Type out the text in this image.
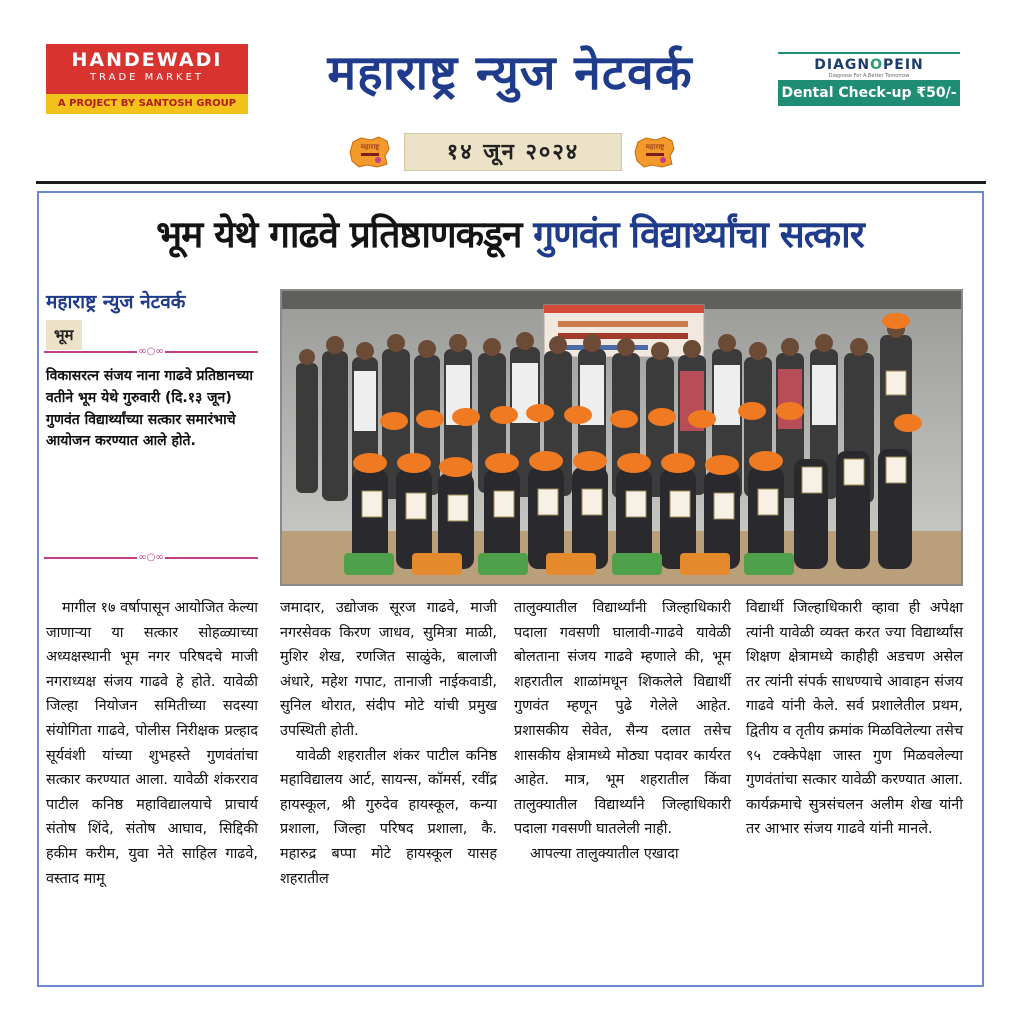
HANDEWADI
TRADE MARKET
A PROJECT BY SANTOSH GROUP
महाराष्ट्र न्युज नेटवर्क	DIAGNOPEIN
Diagnose For A Better Tomorrow
Dental Check-up ₹50/-
महाराष्ट्र	१४ जून २०२४	महाराष्ट्र
भूम येथे गाढवे प्रतिष्ठाणकडून गुणवंत विद्यार्थ्यांचा सत्कार
महाराष्ट्र न्युज नेटवर्क
भूम
∞○∞
विकासरत्न संजय नाना गाढवे प्रतिष्ठानच्या वतीने भूम येथे गुरुवारी (दि.१३ जून) गुणवंत विद्यार्थ्यांच्या सत्कार समारंभाचे आयोजन करण्यात आले होते.
∞○∞

मागील १७ वर्षापासून आयोजित केल्या जाणाऱ्या या सत्कार सोहळ्याच्या अध्यक्षस्थानी भूम नगर परिषदचे माजी नगराध्यक्ष संजय गाढवे हे होते. यावेळी जिल्हा नियोजन समितीच्या सदस्या संयोगिता गाढवे, पोलीस निरीक्षक प्रल्हाद सूर्यवंशी यांच्या शुभहस्ते गुणवंतांचा सत्कार करण्यात आला. यावेळी शंकरराव पाटील कनिष्ठ महाविद्यालयाचे प्राचार्य संतोष शिंदे, संतोष आघाव, सिद्दिकी हकीम करीम, युवा नेते साहिल गाढवे, वस्ताद मामू

जमादार, उद्योजक सूरज गाढवे, माजी नगरसेवक किरण जाधव, सुमित्रा माळी, मुशिर शेख, रणजित साळुंके, बालाजी अंधारे, महेश गपाट, तानाजी नाईकवाडी, सुनिल थोरात, संदीप मोटे यांची प्रमुख उपस्थिती होती.

यावेळी शहरातील शंकर पाटील कनिष्ठ महाविद्यालय आर्ट, सायन्स, कॉमर्स, रवींद्र हायस्कूल, श्री गुरुदेव हायस्कूल, कन्या प्रशाला, जिल्हा परिषद प्रशाला, कै. महारुद्र बप्पा मोटे हायस्कूल यासह शहरातील

तालुक्यातील विद्यार्थ्यांनी जिल्हाधिकारी पदाला गवसणी घालावी-गाढवे यावेळी बोलताना संजय गाढवे म्हणाले की, भूम शहरातील शाळांमधून शिकलेले विद्यार्थी गुणवंत म्हणून पुढे गेलेले आहेत. प्रशासकीय सेवेत, सैन्य दलात तसेच शासकीय क्षेत्रामध्ये मोठ्या पदावर कार्यरत आहेत. मात्र, भूम शहरातील किंवा तालुक्यातील विद्यार्थ्यांने जिल्हाधिकारी पदाला गवसणी घातलेली नाही.

आपल्या तालुक्यातील एखादा

विद्यार्थी जिल्हाधिकारी व्हावा ही अपेक्षा त्यांनी यावेळी व्यक्त करत ज्या विद्यार्थ्यांस शिक्षण क्षेत्रामध्ये काहीही अडचण असेल तर त्यांनी संपर्क साधण्याचे आवाहन संजय गाढवे यांनी केले. सर्व प्रशालेतील प्रथम, द्वितीय व तृतीय क्रमांक मिळविलेल्या तसेच ९५ टक्केपेक्षा जास्त गुण मिळवलेल्या गुणवंतांचा सत्कार यावेळी करण्यात आला. कार्यक्रमाचे सुत्रसंचलन अलीम शेख यांनी तर आभार संजय गाढवे यांनी मानले.
